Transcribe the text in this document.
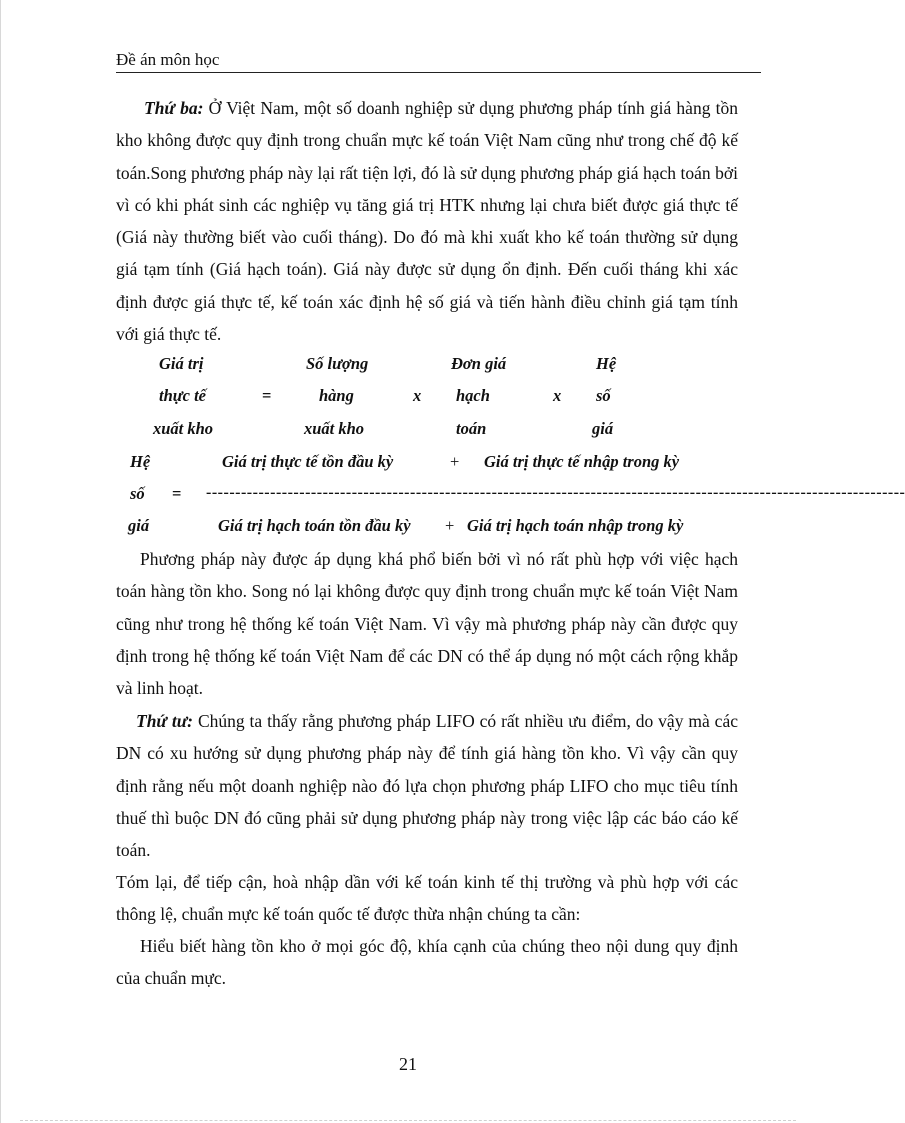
Đề án môn học

Thứ ba: Ở Việt Nam, một số doanh nghiệp sử dụng phương pháp tính giá hàng tồn kho không được quy định trong chuẩn mực kế toán Việt Nam cũng như trong chế độ kế toán.Song phương pháp này lại rất tiện lợi, đó là sử dụng phương pháp giá hạch toán bởi vì có khi phát sinh các nghiệp vụ tăng giá trị HTK nhưng lại chưa biết được giá thực tế (Giá này thường biết vào cuối tháng). Do đó mà khi xuất kho kế toán thường sử dụng giá tạm tính (Giá hạch toán). Giá này được sử dụng ổn định. Đến cuối tháng khi xác định được giá thực tế, kế toán xác định hệ số giá và tiến hành điều chỉnh giá tạm tính với giá thực tế.

Giá trị
thực tế
xuất kho
=
Số lượng
hàng
xuất kho
x
Đơn giá
hạch
toán
x
Hệ
số
giá
Hệ
số
giá
=
Giá trị thực tế tồn đầu kỳ	+ Giá trị thực tế nhập trong kỳ
------------------------------------------------------------------------------------------------------------------------
Giá trị hạch toán tồn đầu kỳ + Giá trị hạch toán nhập trong kỳ

Phương pháp này được áp dụng khá phổ biến bởi vì nó rất phù hợp với việc hạch toán hàng tồn kho. Song nó lại không được quy định trong chuẩn mực kế toán Việt Nam cũng như trong hệ thống kế toán Việt Nam. Vì vậy mà phương pháp này cần được quy định trong hệ thống kế toán Việt Nam để các DN có thể áp dụng nó một cách rộng khắp và linh hoạt.

Thứ tư: Chúng ta thấy rằng phương pháp LIFO có rất nhiều ưu điểm, do vậy mà các DN có xu hướng sử dụng phương pháp này để tính giá hàng tồn kho. Vì vậy cần quy định rằng nếu một doanh nghiệp nào đó lựa chọn phương pháp LIFO cho mục tiêu tính thuế thì buộc DN đó cũng phải sử dụng phương pháp này trong việc lập các báo cáo kế toán.

Tóm lại, để tiếp cận, hoà nhập dần với kế toán kinh tế thị trường và phù hợp với các thông lệ, chuẩn mực kế toán quốc tế được thừa nhận chúng ta cần:

Hiểu biết hàng tồn kho ở mọi góc độ, khía cạnh của chúng theo nội dung quy định của chuẩn mực.

21
